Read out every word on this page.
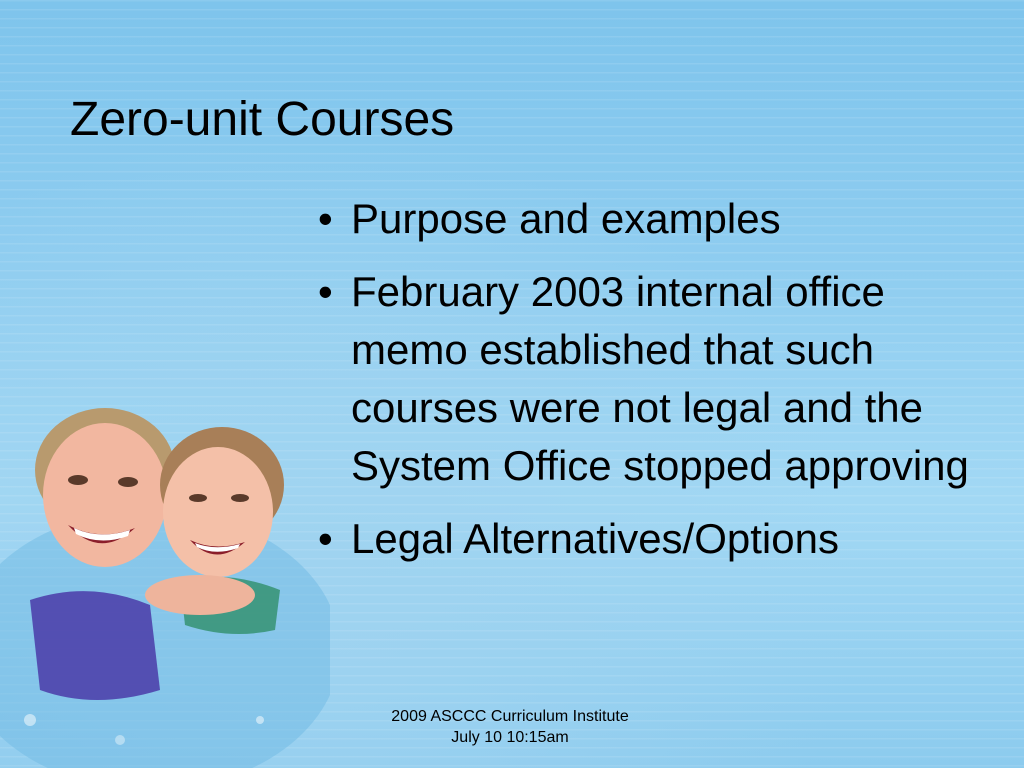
Zero-unit Courses
• Purpose and examples
• February 2003 internal office memo established that such courses were not legal and the System Office stopped approving
• Legal Alternatives/Options
2009 ASCCC Curriculum Institute
July 10 10:15am
